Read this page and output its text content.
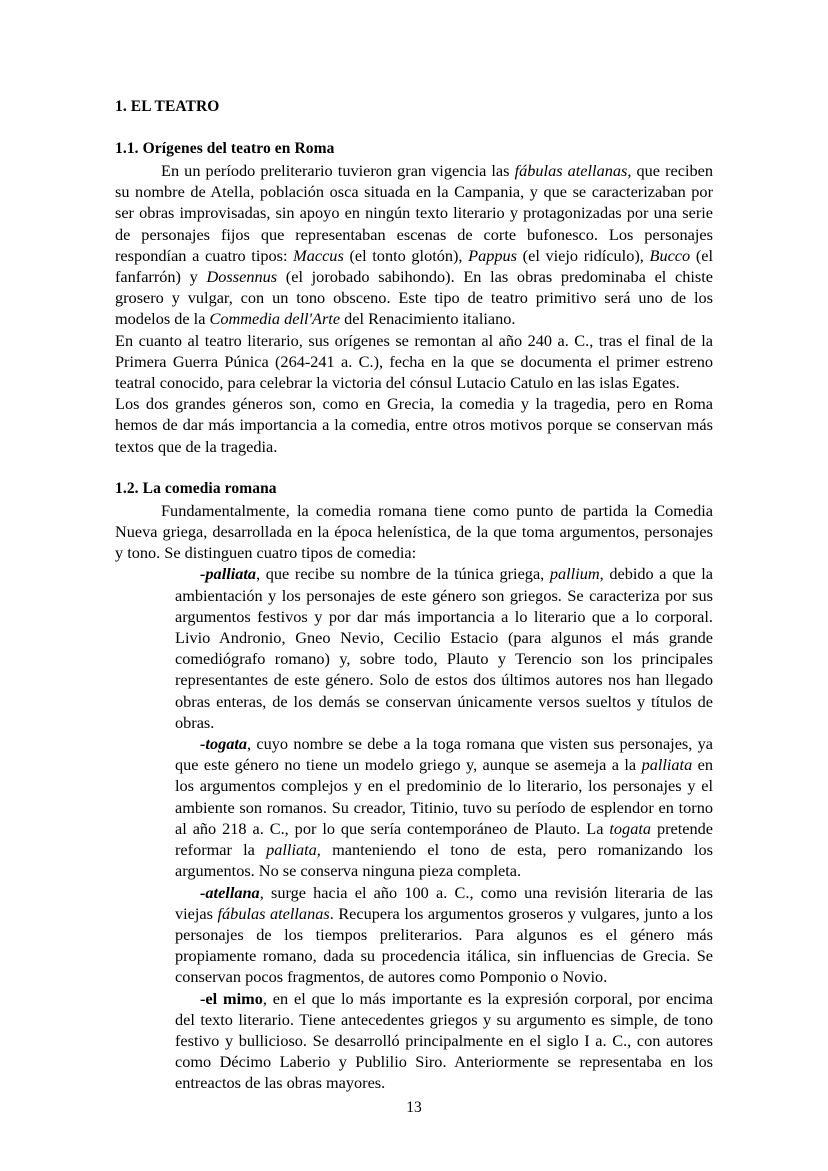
1. EL TEATRO
1.1. Orígenes del teatro en Roma

En un período preliterario tuvieron gran vigencia las fábulas atellanas, que reciben su nombre de Atella, población osca situada en la Campania, y que se caracterizaban por ser obras improvisadas, sin apoyo en ningún texto literario y protagonizadas por una serie de personajes fijos que representaban escenas de corte bufonesco. Los personajes respondían a cuatro tipos: Maccus (el tonto glotón), Pappus (el viejo ridículo), Bucco (el fanfarrón) y Dossennus (el jorobado sabihondo). En las obras predominaba el chiste grosero y vulgar, con un tono obsceno. Este tipo de teatro primitivo será uno de los modelos de la Commedia dell'Arte del Renacimiento italiano.

En cuanto al teatro literario, sus orígenes se remontan al año 240 a. C., tras el final de la Primera Guerra Púnica (264-241 a. C.), fecha en la que se documenta el primer estreno teatral conocido, para celebrar la victoria del cónsul Lutacio Catulo en las islas Egates.

Los dos grandes géneros son, como en Grecia, la comedia y la tragedia, pero en Roma hemos de dar más importancia a la comedia, entre otros motivos porque se conservan más textos que de la tragedia.

1.2. La comedia romana

Fundamentalmente, la comedia romana tiene como punto de partida la Comedia Nueva griega, desarrollada en la época helenística, de la que toma argumentos, personajes y tono. Se distinguen cuatro tipos de comedia:

-palliata, que recibe su nombre de la túnica griega, pallium, debido a que la ambientación y los personajes de este género son griegos. Se caracteriza por sus argumentos festivos y por dar más importancia a lo literario que a lo corporal. Livio Andronio, Gneo Nevio, Cecilio Estacio (para algunos el más grande comediógrafo romano) y, sobre todo, Plauto y Terencio son los principales representantes de este género. Solo de estos dos últimos autores nos han llegado obras enteras, de los demás se conservan únicamente versos sueltos y títulos de obras.

-togata, cuyo nombre se debe a la toga romana que visten sus personajes, ya que este género no tiene un modelo griego y, aunque se asemeja a la palliata en los argumentos complejos y en el predominio de lo literario, los personajes y el ambiente son romanos. Su creador, Titinio, tuvo su período de esplendor en torno al año 218 a. C., por lo que sería contemporáneo de Plauto. La togata pretende reformar la palliata, manteniendo el tono de esta, pero romanizando los argumentos. No se conserva ninguna pieza completa.

-atellana, surge hacia el año 100 a. C., como una revisión literaria de las viejas fábulas atellanas. Recupera los argumentos groseros y vulgares, junto a los personajes de los tiempos preliterarios. Para algunos es el género más propiamente romano, dada su procedencia itálica, sin influencias de Grecia. Se conservan pocos fragmentos, de autores como Pomponio o Novio.

-el mimo, en el que lo más importante es la expresión corporal, por encima del texto literario. Tiene antecedentes griegos y su argumento es simple, de tono festivo y bullicioso. Se desarrolló principalmente en el siglo I a. C., con autores como Décimo Laberio y Publilio Siro. Anteriormente se representaba en los entreactos de las obras mayores.

13
